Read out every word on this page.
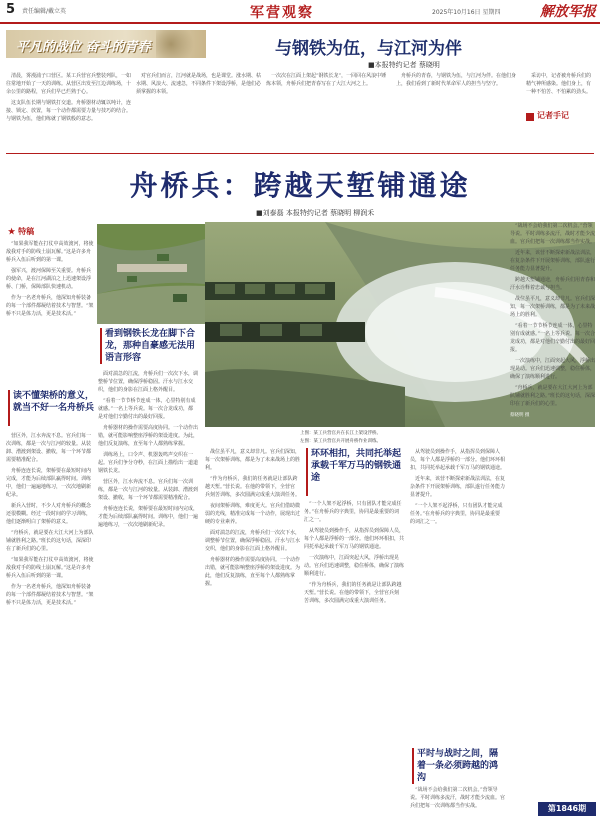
5 责任编辑/戴立英	军营观察	2025年10月16日 星期四	解放军报
平凡的战位 奋斗的青春	与钢铁为伍，与江河为伴
■本报特约记者 蔡晓明

清晨，雾漫浦子口营区。某工兵营官兵整装列队，一如往常地开始了一天的训练。从营区出发至江边训练场，十余公里的路程，官兵们早已烂熟于心。

这支队伍长期与钢铁打交道。舟桥器材动辄以吨计，连接、锁定、放置，每一个动作都需要力量与技巧的结合。与钢铁为伍，他们练就了钢铁般的意志。

对官兵们而言，江河就是战场，也是课堂。涨水期、枯水期、风浪大、流速急，不同条件下架设浮桥，是他们必须掌握的本领。

一次次在江面上架起“钢铁长龙”，一回回在风浪中锤炼本领，舟桥兵们把青春写在了大江大河之上。

舟桥兵的青春，与钢铁为伍，与江河为伴。在他们身上，我们看到了新时代革命军人的担当与坚守。

记者手记

采访中，记者被舟桥兵们的精气神所感染。他们身上，有一种不怕苦、不怕累的劲头。

舟桥兵：跨越天堑铺通途
■刘泰磊 本报特约记者 蔡晓明 柳润禾
★ 特稿

“如果我军能在打仗中高效渡河，将使敌我对手的防线土崩瓦解。”这是许多舟桥兵入伍后听到的第一课。

强军兴，渡河保障至关重要。舟桥兵的使命，是在江河湖泊之上迅速架设浮桥、门桥，保障部队快速机动。

作为一名老舟桥兵，他深知舟桥装备的每一个部件都凝结着技术与智慧。“架桥不只是体力活，更是技术活。”

读不懂架桥的意义，就当不好一名舟桥兵

营区外，江水奔流不息。官兵们每一次训练，都是一次与江河的较量。从装卸、漕渡到架设、撤收，每一个环节都需要精准配合。

舟桥连连长说，架桥要在最短时间内完成，才能为后续部队赢得时间。训练中，他们一遍遍地练习，一次次地刷新纪录。

新兵入营时，不少人对舟桥兵的概念还很模糊。经过一段时间的学习训练，他们逐渐明白了架桥的意义。

“舟桥兵，就是要在大江大河上为部队铺就胜利之路。”班长的这句话，深深印在了新兵们的心里。

“如果我军能在打仗中高效渡河，将使敌我对手的防线土崩瓦解。”这是许多舟桥兵入伍后听到的第一课。

作为一名老舟桥兵，他深知舟桥装备的每一个部件都凝结着技术与智慧。“架桥不只是体力活，更是技术活。”

上图：某工兵营官兵在长江上架设浮桥。
左图：某工兵营官兵开展舟桥作业训练。
蔡晓明 摄
看到钢铁长龙在脚下合龙，那种自豪感无法用语言形容

面对湍急的江流，舟桥兵们一次次下水，调整桥节位置，确保浮桥稳固。汗水与江水交织，他们的身影在江面上格外醒目。

“看着一节节桥节连成一体，心里特别有成就感。”一名上等兵说。每一次合龙成功，都是对他们辛勤付出的最好回报。

舟桥器材的操作需要高度协同。一个动作出错，就可能影响整座浮桥的架设进度。为此，他们反复演练，直至每个人都熟练掌握。

训练场上，口令声、机器轰鸣声交织在一起。官兵们争分夺秒，在江面上描绘出一道道钢铁长龙。

营区外，江水奔流不息。官兵们每一次训练，都是一次与江河的较量。从装卸、漕渡到架设、撤收，每一个环节都需要精准配合。

舟桥连连长说，架桥要在最短时间内完成，才能为后续部队赢得时间。训练中，他们一遍遍地练习，一次次地刷新纪录。

战位虽平凡，意义却非凡。官兵们深知，每一次架桥训练，都是为了未来战场上的胜利。

“作为舟桥兵，我们的任务就是让部队跨越天堑。”营长说。在他的带领下，全营官兵刻苦训练，多次圆满完成重大演训任务。

夜间架桥训练，难度更大。官兵们借助微弱的光线，精准完成每一个动作，展现出过硬的专业素养。

面对湍急的江流，舟桥兵们一次次下水，调整桥节位置，确保浮桥稳固。汗水与江水交织，他们的身影在江面上格外醒目。

舟桥器材的操作需要高度协同。一个动作出错，就可能影响整座浮桥的架设进度。为此，他们反复演练，直至每个人都熟练掌握。

环环相扣，共同托举起承载千军万马的钢铁通途

“一个人架不起浮桥，只有团队才能完成任务。”在舟桥兵的字典里，协同是最重要的词汇之一。

从驾驶员到操作手，从指挥员到保障人员，每个人都是浮桥的一部分。他们环环相扣，共同托举起承载千军万马的钢铁通途。

一次演练中，江面突起大风，浮桥出现晃动。官兵们迅速调整，稳住桥体，确保了演练顺利进行。

“作为舟桥兵，我们的任务就是让部队跨越天堑。”营长说。在他的带领下，全营官兵刻苦训练，多次圆满完成重大演训任务。

从驾驶员到操作手，从指挥员到保障人员，每个人都是浮桥的一部分。他们环环相扣，共同托举起承载千军万马的钢铁通途。

近年来，该营不断探索新战法训法，在复杂条件下开展架桥训练，部队遂行任务能力显著提升。

“一个人架不起浮桥，只有团队才能完成任务。”在舟桥兵的字典里，协同是最重要的词汇之一。

平时与战时之间，隔着一条必须跨越的鸿沟

“战场不会给我们第二次机会。”营领导说。平时训练多流汗，战时才能少流血。官兵们把每一次训练都当作实战。

“战场不会给我们第二次机会。”营领导说。平时训练多流汗，战时才能少流血。官兵们把每一次训练都当作实战。

近年来，该营不断探索新战法训法，在复杂条件下开展架桥训练，部队遂行任务能力显著提升。

跨越天堑铺通途，舟桥兵们用青春和汗水诠释着忠诚与担当。

战位虽平凡，意义却非凡。官兵们深知，每一次架桥训练，都是为了未来战场上的胜利。

“看着一节节桥节连成一体，心里特别有成就感。”一名上等兵说。每一次合龙成功，都是对他们辛勤付出的最好回报。

一次演练中，江面突起大风，浮桥出现晃动。官兵们迅速调整，稳住桥体，确保了演练顺利进行。

“舟桥兵，就是要在大江大河上为部队铺就胜利之路。”班长的这句话，深深印在了新兵们的心里。

第1846期
